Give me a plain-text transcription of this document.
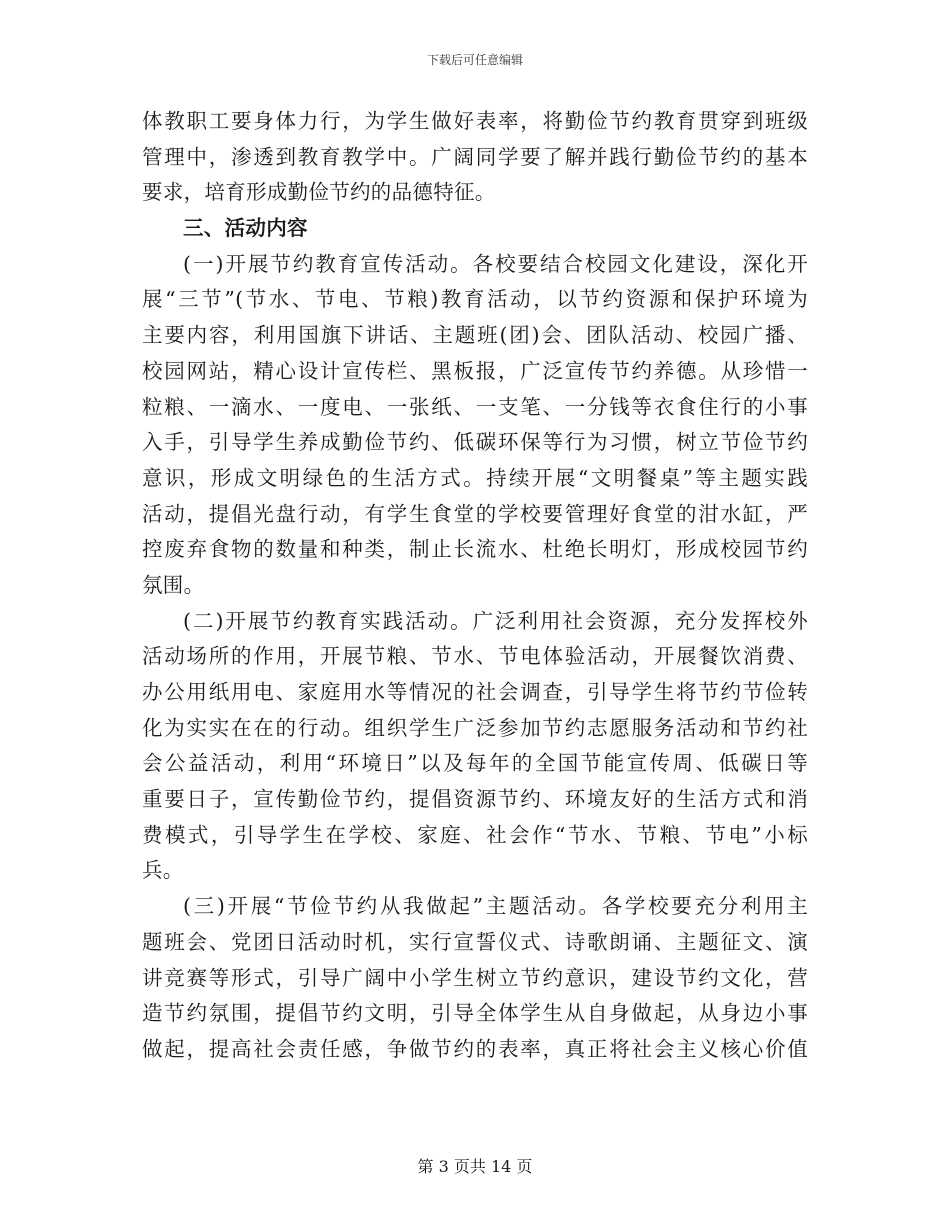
下载后可任意编辑
体教职工要身体力行，为学生做好表率，将勤俭节约教育贯穿到班级
管理中，渗透到教育教学中。广阔同学要了解并践行勤俭节约的基本
要求，培育形成勤俭节约的品德特征。
三、活动内容
(一)开展节约教育宣传活动。各校要结合校园文化建设，深化开
展“三节”(节水、节电、节粮)教育活动，以节约资源和保护环境为
主要内容，利用国旗下讲话、主题班(团)会、团队活动、校园广播、
校园网站，精心设计宣传栏、黑板报，广泛宣传节约养德。从珍惜一
粒粮、一滴水、一度电、一张纸、一支笔、一分钱等衣食住行的小事
入手，引导学生养成勤俭节约、低碳环保等行为习惯，树立节俭节约
意识，形成文明绿色的生活方式。持续开展“文明餐桌”等主题实践
活动，提倡光盘行动，有学生食堂的学校要管理好食堂的泔水缸，严
控废弃食物的数量和种类，制止长流水、杜绝长明灯，形成校园节约
氛围。
(二)开展节约教育实践活动。广泛利用社会资源，充分发挥校外
活动场所的作用，开展节粮、节水、节电体验活动，开展餐饮消费、
办公用纸用电、家庭用水等情况的社会调查，引导学生将节约节俭转
化为实实在在的行动。组织学生广泛参加节约志愿服务活动和节约社
会公益活动，利用“环境日”以及每年的全国节能宣传周、低碳日等
重要日子，宣传勤俭节约，提倡资源节约、环境友好的生活方式和消
费模式，引导学生在学校、家庭、社会作“节水、节粮、节电”小标
兵。
(三)开展“节俭节约从我做起”主题活动。各学校要充分利用主
题班会、党团日活动时机，实行宣誓仪式、诗歌朗诵、主题征文、演
讲竞赛等形式，引导广阔中小学生树立节约意识，建设节约文化，营
造节约氛围，提倡节约文明，引导全体学生从自身做起，从身边小事
做起，提高社会责任感，争做节约的表率，真正将社会主义核心价值
第 3 页共 14 页
